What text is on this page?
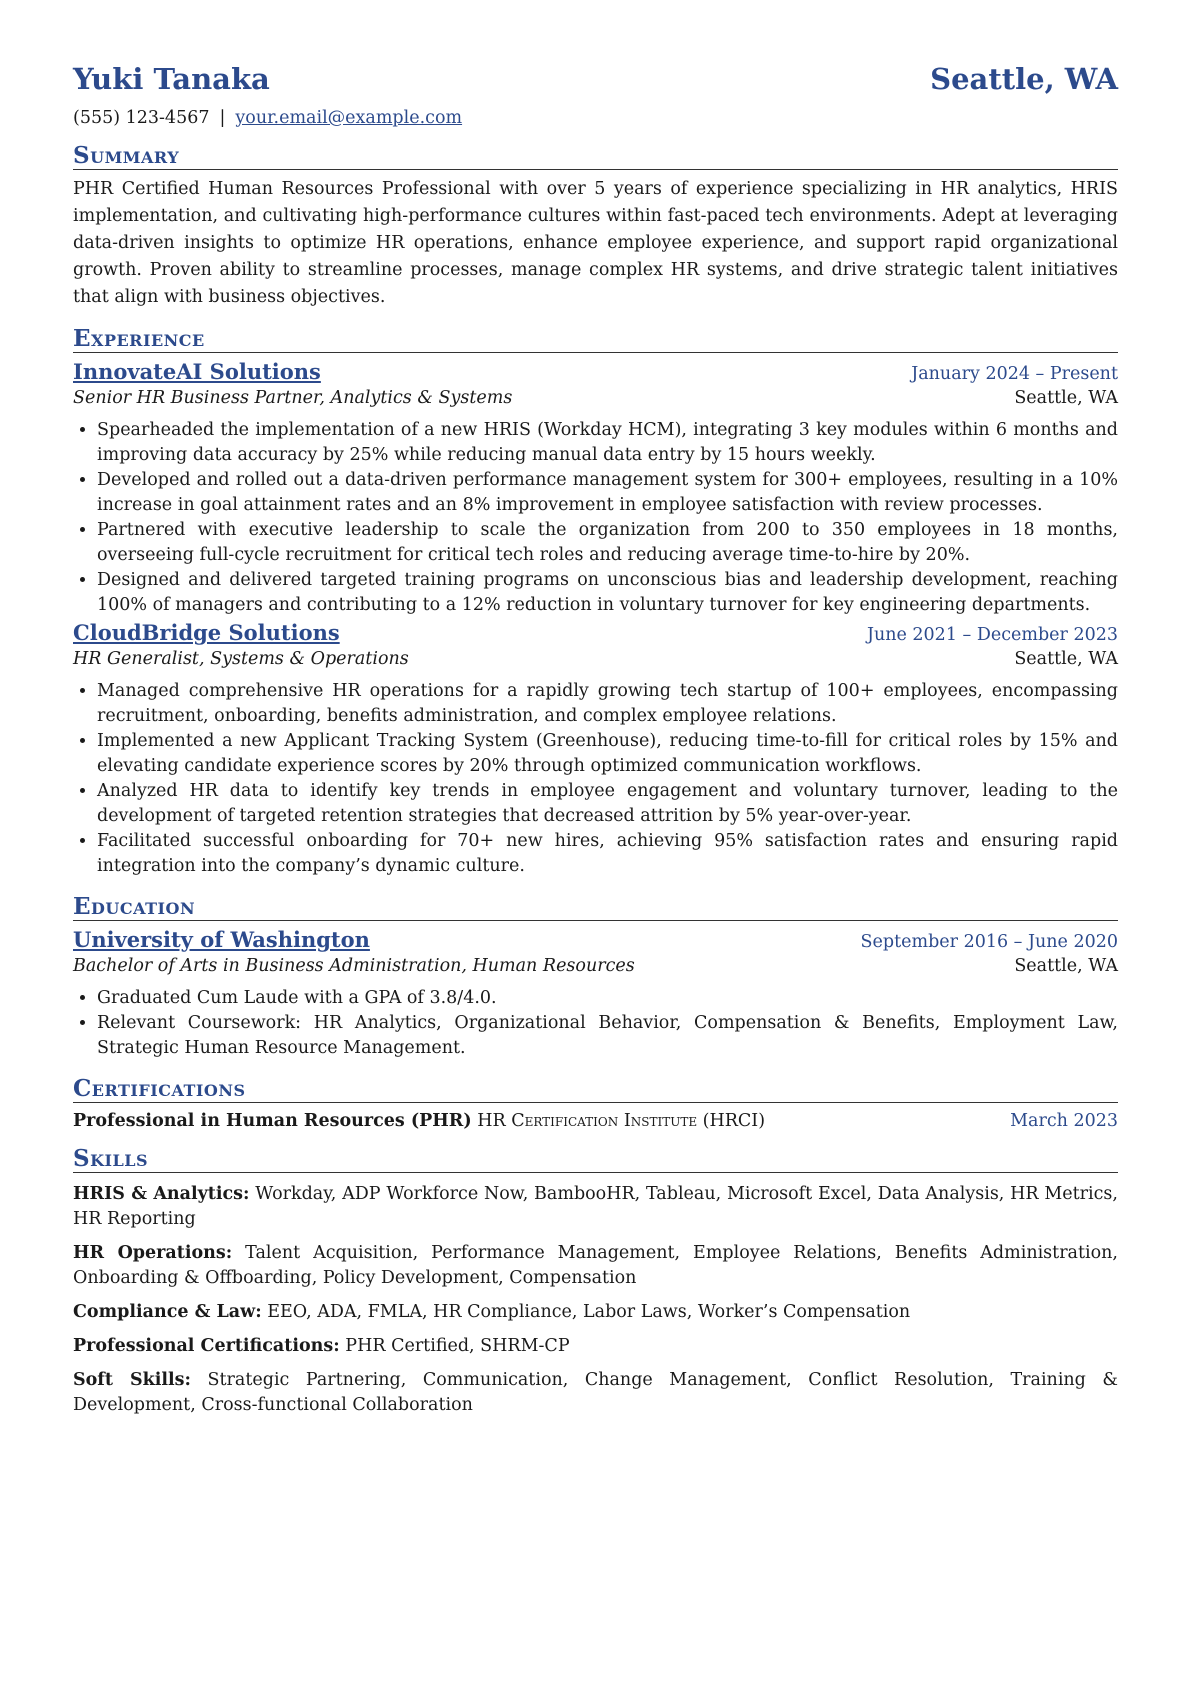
Yuki Tanaka	Seattle, WA
(555) 123-4567 | your.email@example.com
Summary
PHR Certified Human Resources Professional with over 5 years of experience specializing in HR analytics, HRIS implementation, and cultivating high-performance cultures within fast-paced tech environments. Adept at leveraging data-driven insights to optimize HR operations, enhance employee experience, and support rapid organizational growth. Proven ability to streamline processes, manage complex HR systems, and drive strategic talent initiatives that align with business objectives.
Experience
InnovateAI Solutions	January 2024 – Present
Senior HR Business Partner, Analytics & Systems	Seattle, WA
• Spearheaded the implementation of a new HRIS (Workday HCM), integrating 3 key modules within 6 months and improving data accuracy by 25% while reducing manual data entry by 15 hours weekly.
• Developed and rolled out a data-driven performance management system for 300+ employees, resulting in a 10% increase in goal attainment rates and an 8% improvement in employee satisfaction with review processes.
• Partnered with executive leadership to scale the organization from 200 to 350 employees in 18 months, overseeing full-cycle recruitment for critical tech roles and reducing average time-to-hire by 20%.
• Designed and delivered targeted training programs on unconscious bias and leadership development, reaching 100% of managers and contributing to a 12% reduction in voluntary turnover for key engineering departments.
CloudBridge Solutions	June 2021 – December 2023
HR Generalist, Systems & Operations	Seattle, WA
• Managed comprehensive HR operations for a rapidly growing tech startup of 100+ employees, encompassing recruitment, onboarding, benefits administration, and complex employee relations.
• Implemented a new Applicant Tracking System (Greenhouse), reducing time-to-fill for critical roles by 15% and elevating candidate experience scores by 20% through optimized communication workflows.
• Analyzed HR data to identify key trends in employee engagement and voluntary turnover, leading to the development of targeted retention strategies that decreased attrition by 5% year-over-year.
• Facilitated successful onboarding for 70+ new hires, achieving 95% satisfaction rates and ensuring rapid integration into the company’s dynamic culture.
Education
University of Washington	September 2016 – June 2020
Bachelor of Arts in Business Administration, Human Resources	Seattle, WA
• Graduated Cum Laude with a GPA of 3.8/4.0.
• Relevant Coursework: HR Analytics, Organizational Behavior, Compensation & Benefits, Employment Law, Strategic Human Resource Management.
Certifications
Professional in Human Resources (PHR) HR Certification Institute (HRCI)	March 2023
Skills
HRIS & Analytics: Workday, ADP Workforce Now, BambooHR, Tableau, Microsoft Excel, Data Analysis, HR Metrics, HR Reporting
HR Operations: Talent Acquisition, Performance Management, Employee Relations, Benefits Administration, Onboarding & Offboarding, Policy Development, Compensation
Compliance & Law: EEO, ADA, FMLA, HR Compliance, Labor Laws, Worker’s Compensation
Professional Certifications: PHR Certified, SHRM-CP
Soft Skills: Strategic Partnering, Communication, Change Management, Conflict Resolution, Training & Development, Cross-functional Collaboration
